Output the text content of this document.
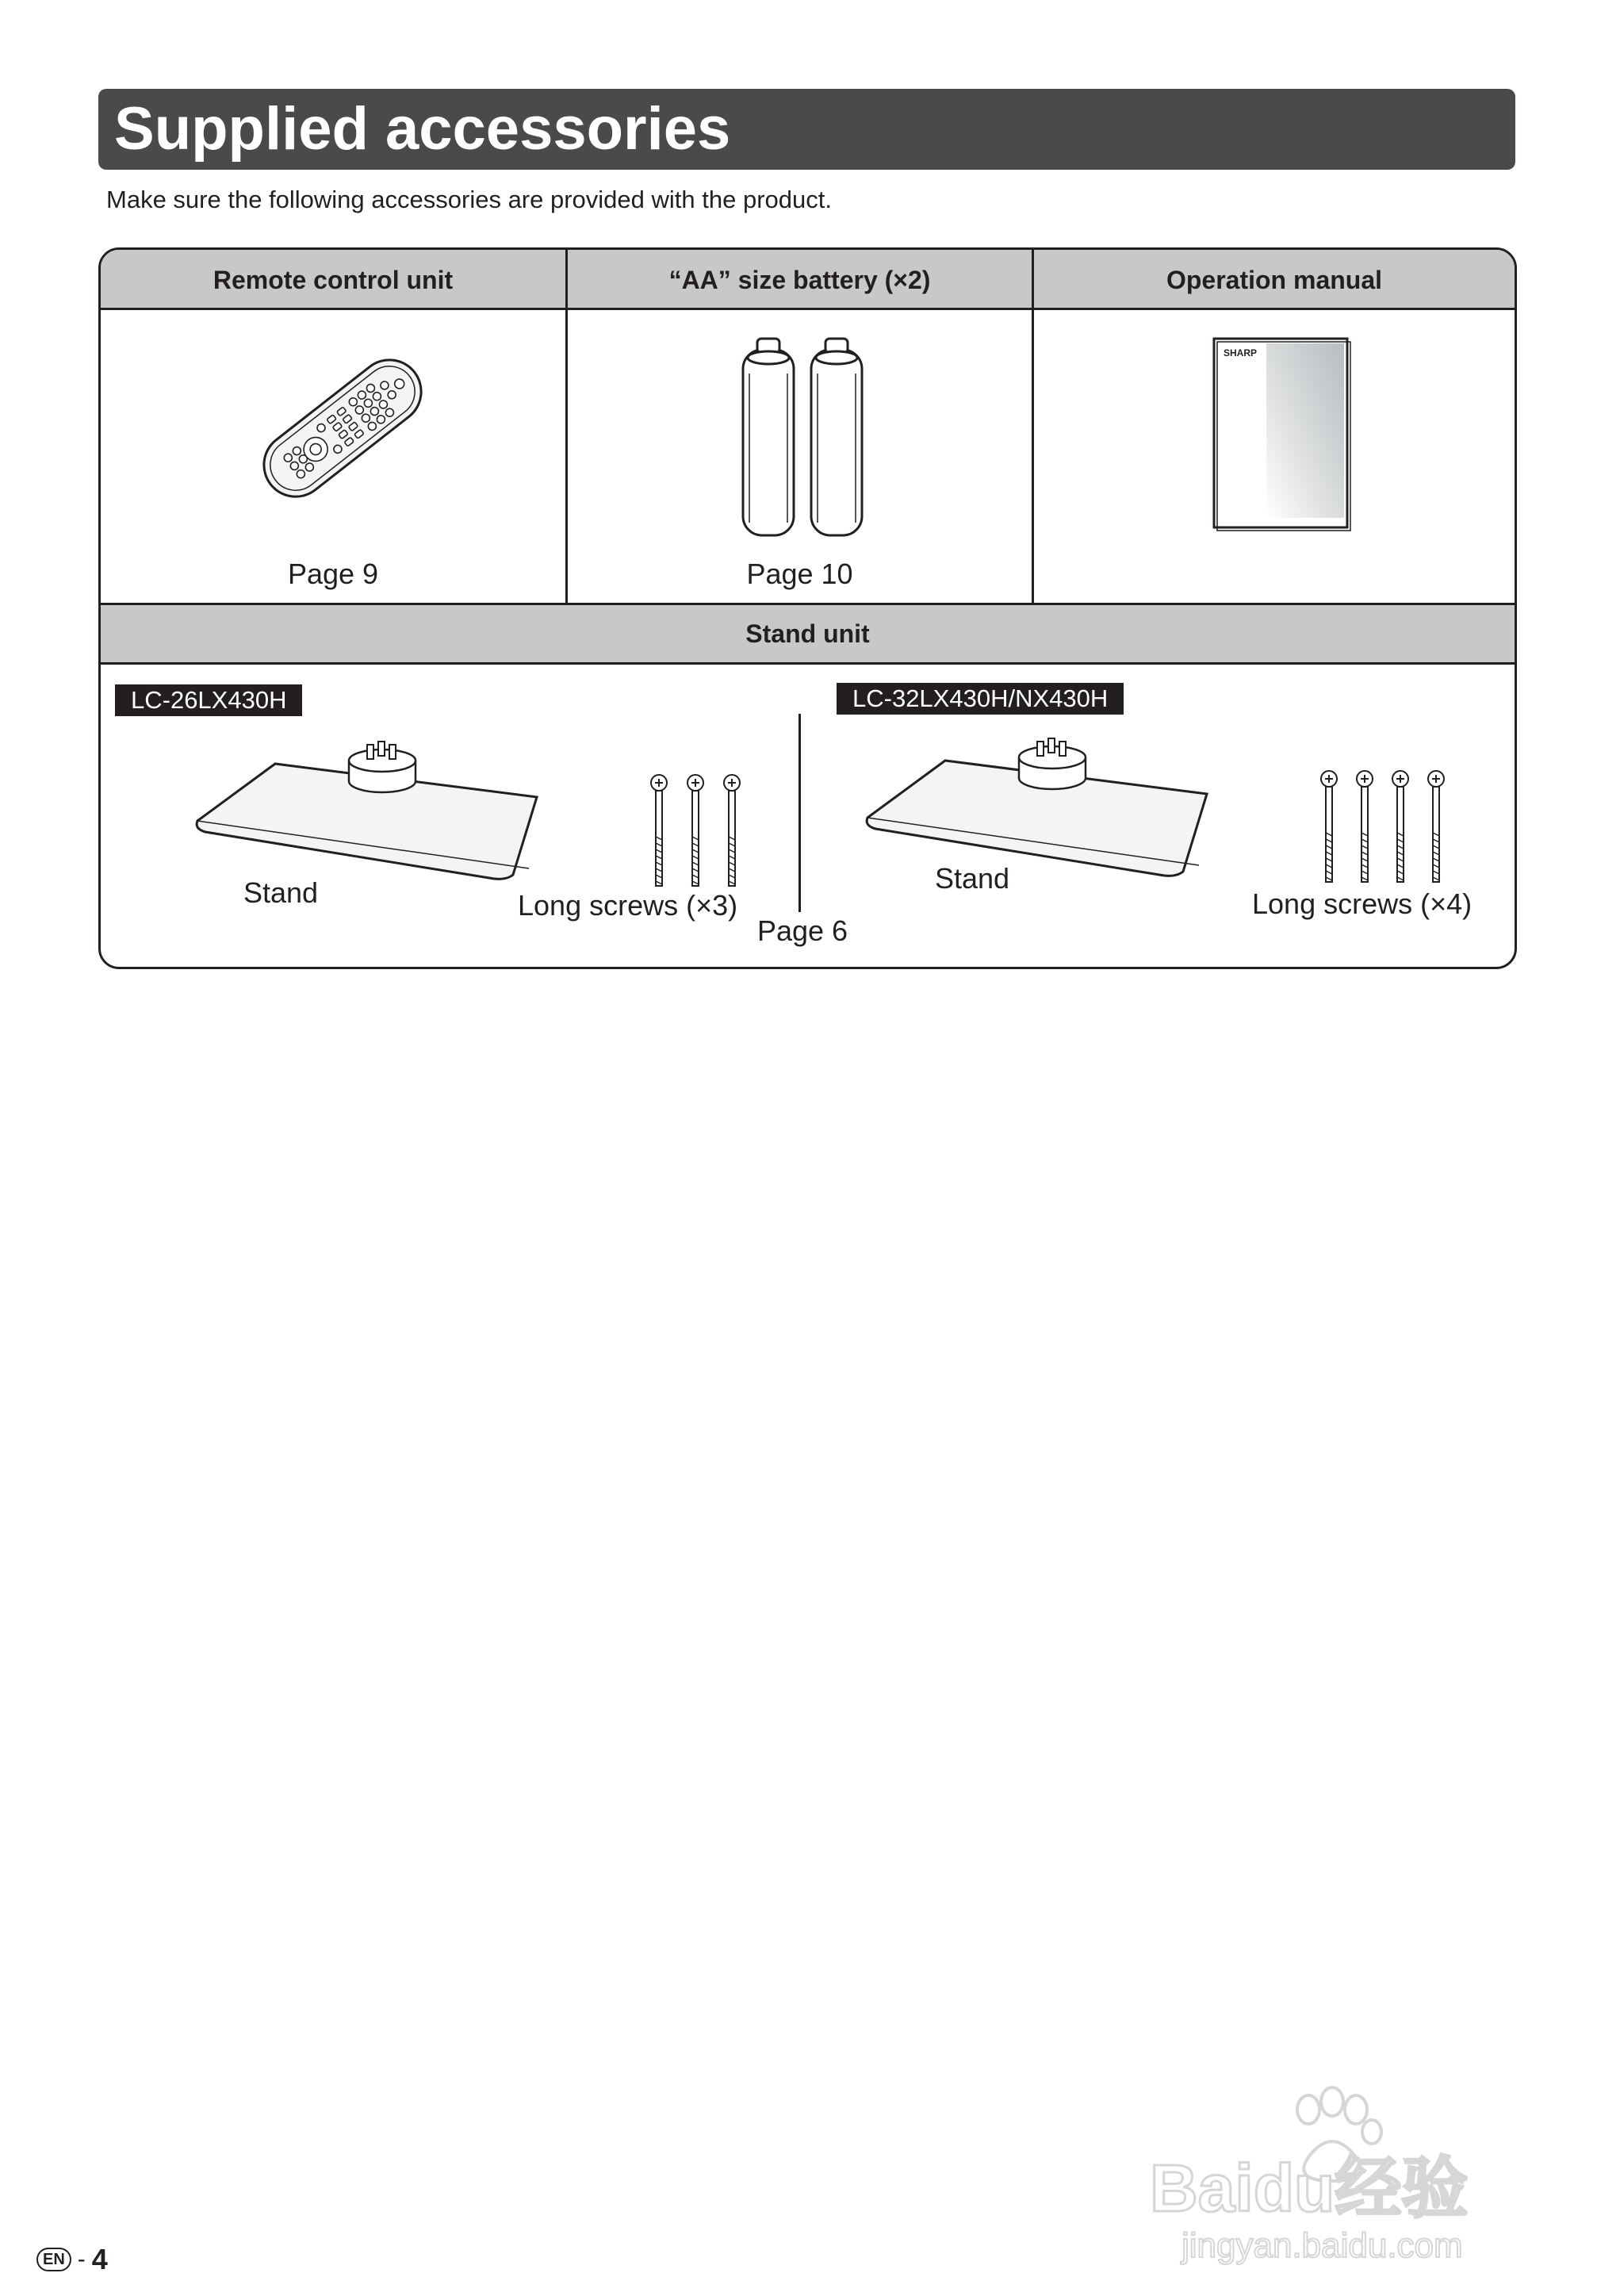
Supplied accessories
Make sure the following accessories are provided with the product.
Remote control unit	“AA” size battery (×2)	Operation manual
Page 9	Page 10
SHARP
Stand unit
LC-26LX430H
Stand	Long screws (×3)
Page 6
LC-32LX430H/NX430H
Stand
Long screws (×4)
EN - 4
Baidu经验
jingyan.baidu.com
